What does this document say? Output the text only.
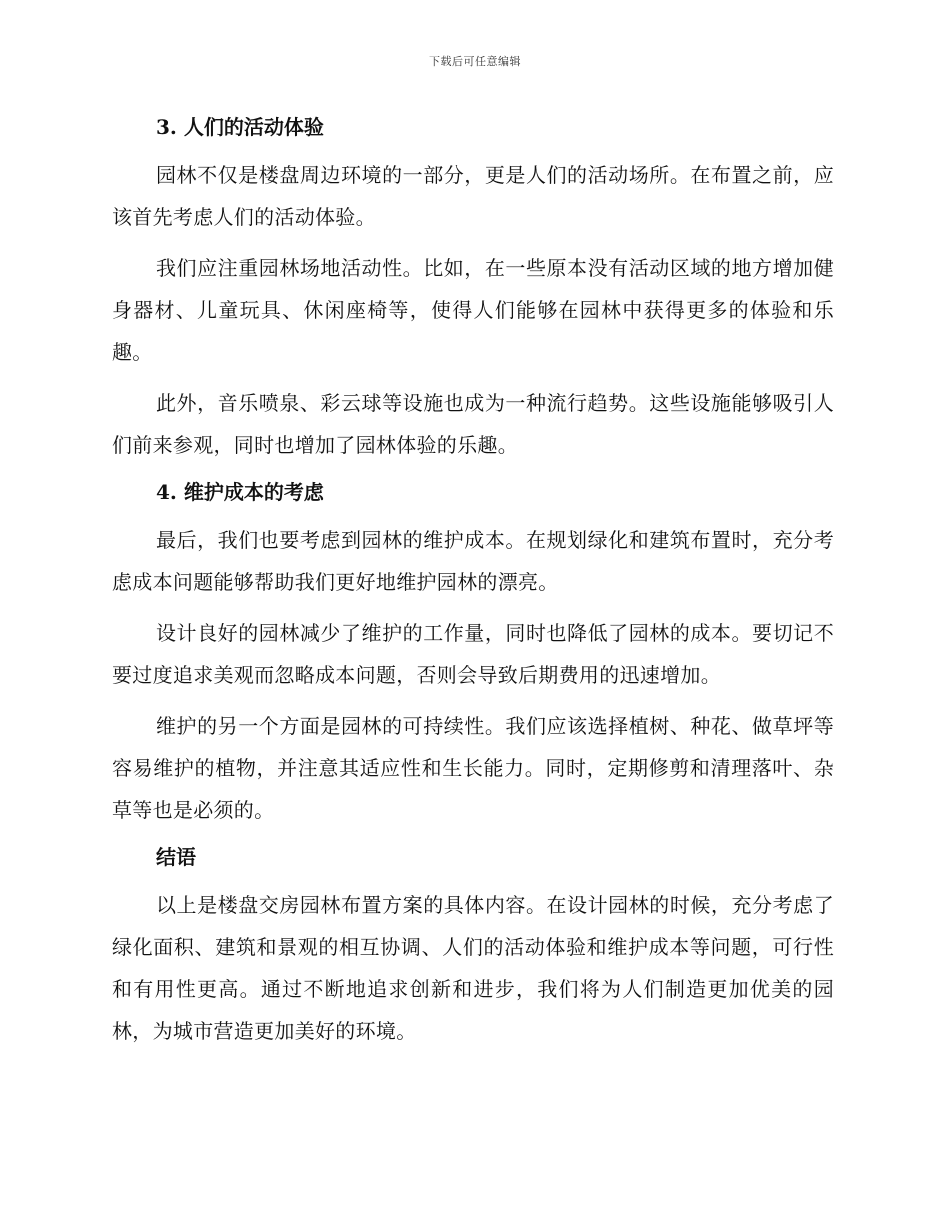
下载后可任意编辑
3. 人们的活动体验

园林不仅是楼盘周边环境的一部分，更是人们的活动场所。在布置之前，应该首先考虑人们的活动体验。

我们应注重园林场地活动性。比如，在一些原本没有活动区域的地方增加健身器材、儿童玩具、休闲座椅等，使得人们能够在园林中获得更多的体验和乐趣。

此外，音乐喷泉、彩云球等设施也成为一种流行趋势。这些设施能够吸引人们前来参观，同时也增加了园林体验的乐趣。

4. 维护成本的考虑

最后，我们也要考虑到园林的维护成本。在规划绿化和建筑布置时，充分考虑成本问题能够帮助我们更好地维护园林的漂亮。

设计良好的园林减少了维护的工作量，同时也降低了园林的成本。要切记不要过度追求美观而忽略成本问题，否则会导致后期费用的迅速增加。

维护的另一个方面是园林的可持续性。我们应该选择植树、种花、做草坪等容易维护的植物，并注意其适应性和生长能力。同时，定期修剪和清理落叶、杂草等也是必须的。

结语

以上是楼盘交房园林布置方案的具体内容。在设计园林的时候，充分考虑了绿化面积、建筑和景观的相互协调、人们的活动体验和维护成本等问题，可行性和有用性更高。通过不断地追求创新和进步，我们将为人们制造更加优美的园林，为城市营造更加美好的环境。
